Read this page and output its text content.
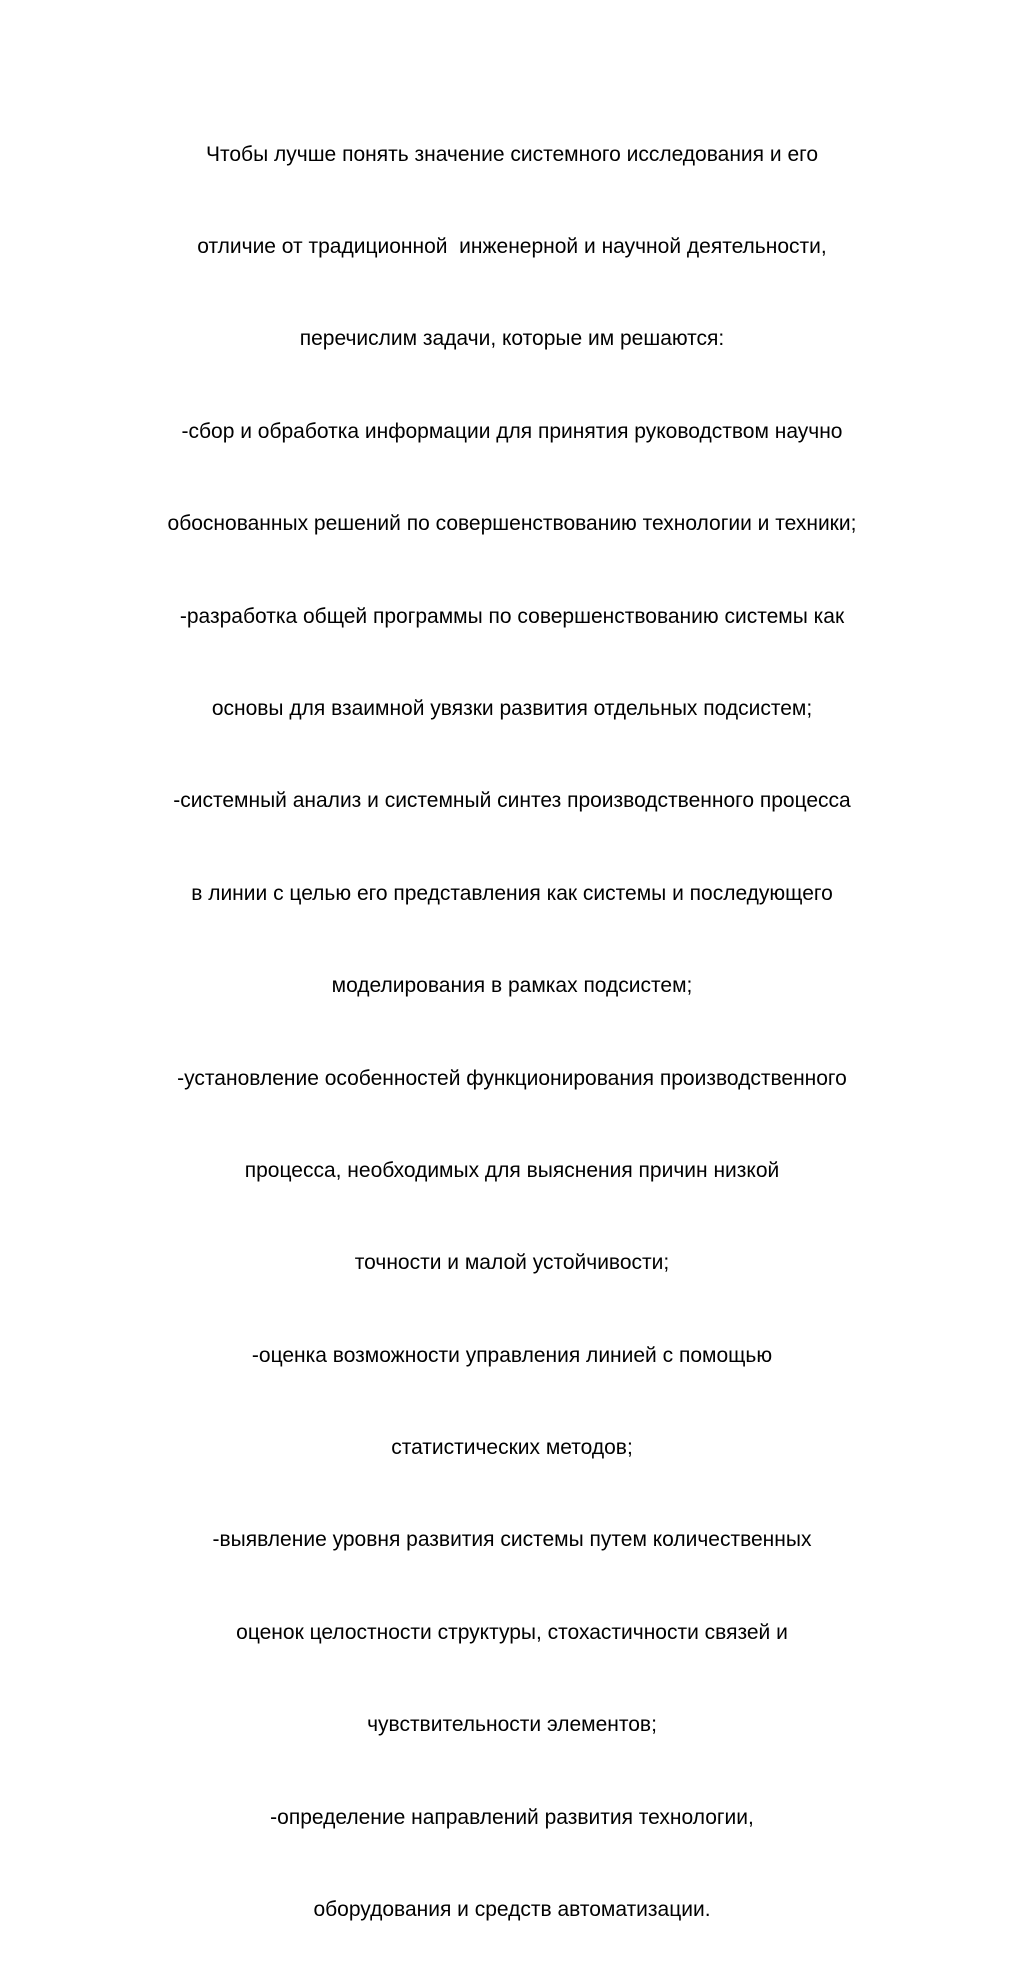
Чтобы лучше понять значение системного исследования и его

отличие от традиционной  инженерной и научной деятельности,

перечислим задачи, которые им решаются:

-сбор и обработка информации для принятия руководством научно

обоснованных решений по совершенствованию технологии и техники;

-разработка общей программы по совершенствованию системы как

основы для взаимной увязки развития отдельных подсистем;

-системный анализ и системный синтез производственного процесса

в линии с целью его представления как системы и последующего

моделирования в рамках подсистем;

-установление особенностей функционирования производственного

процесса, необходимых для выяснения причин низкой

точности и малой устойчивости;

-оценка возможности управления линией с помощью

статистических методов;

-выявление уровня развития системы путем количественных

оценок целостности структуры, стохастичности связей и

чувствительности элементов;

-определение направлений развития технологии,

оборудования и средств автоматизации.
